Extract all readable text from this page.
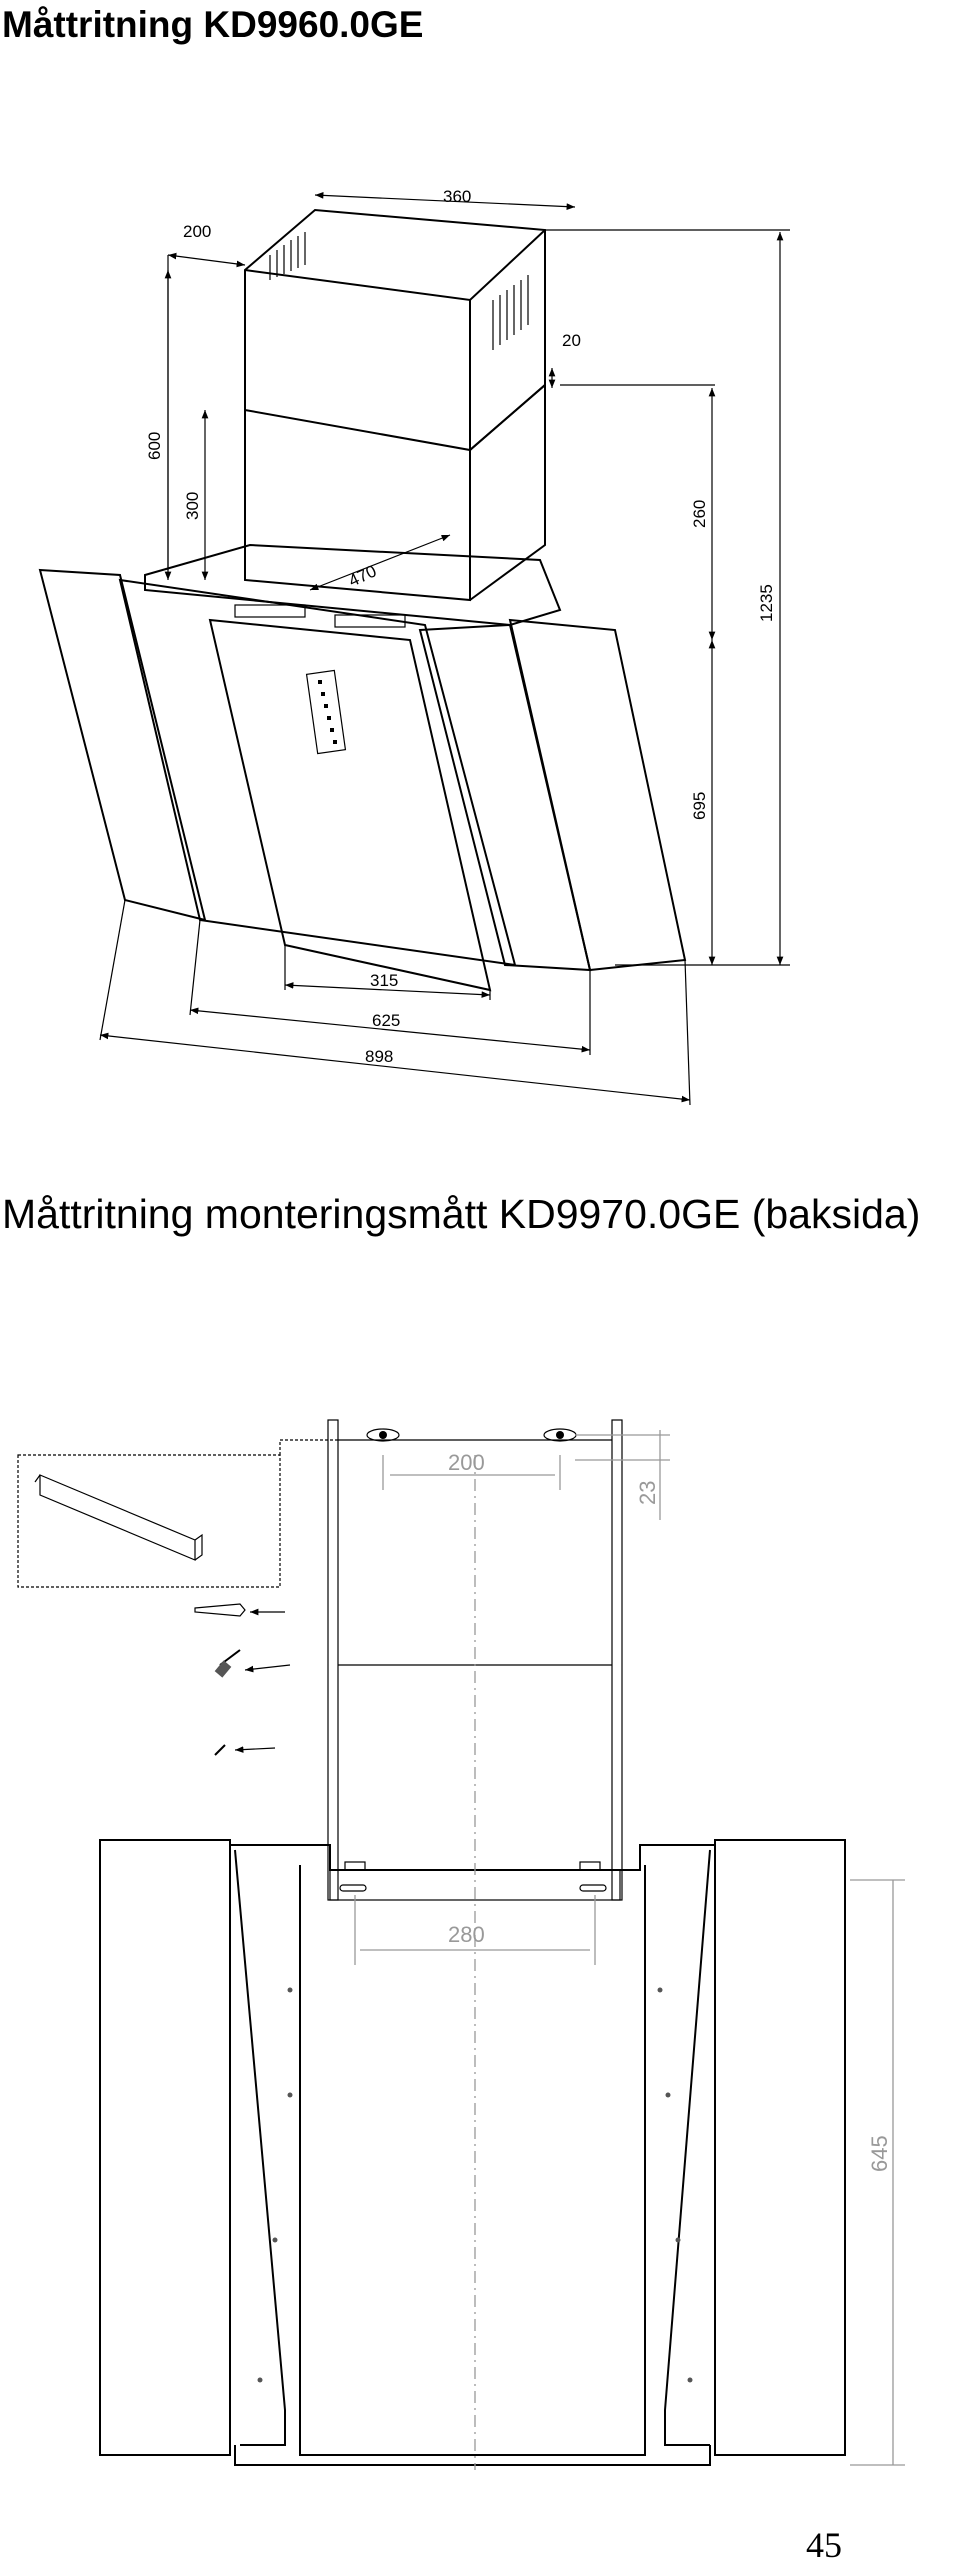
Måttritning KD9960.0GE
Måttritning monteringsmått KD9970.0GE (baksida)
200
360
20
600
300	260
1235
470
695
315
625
898
200
23
280
645
45
